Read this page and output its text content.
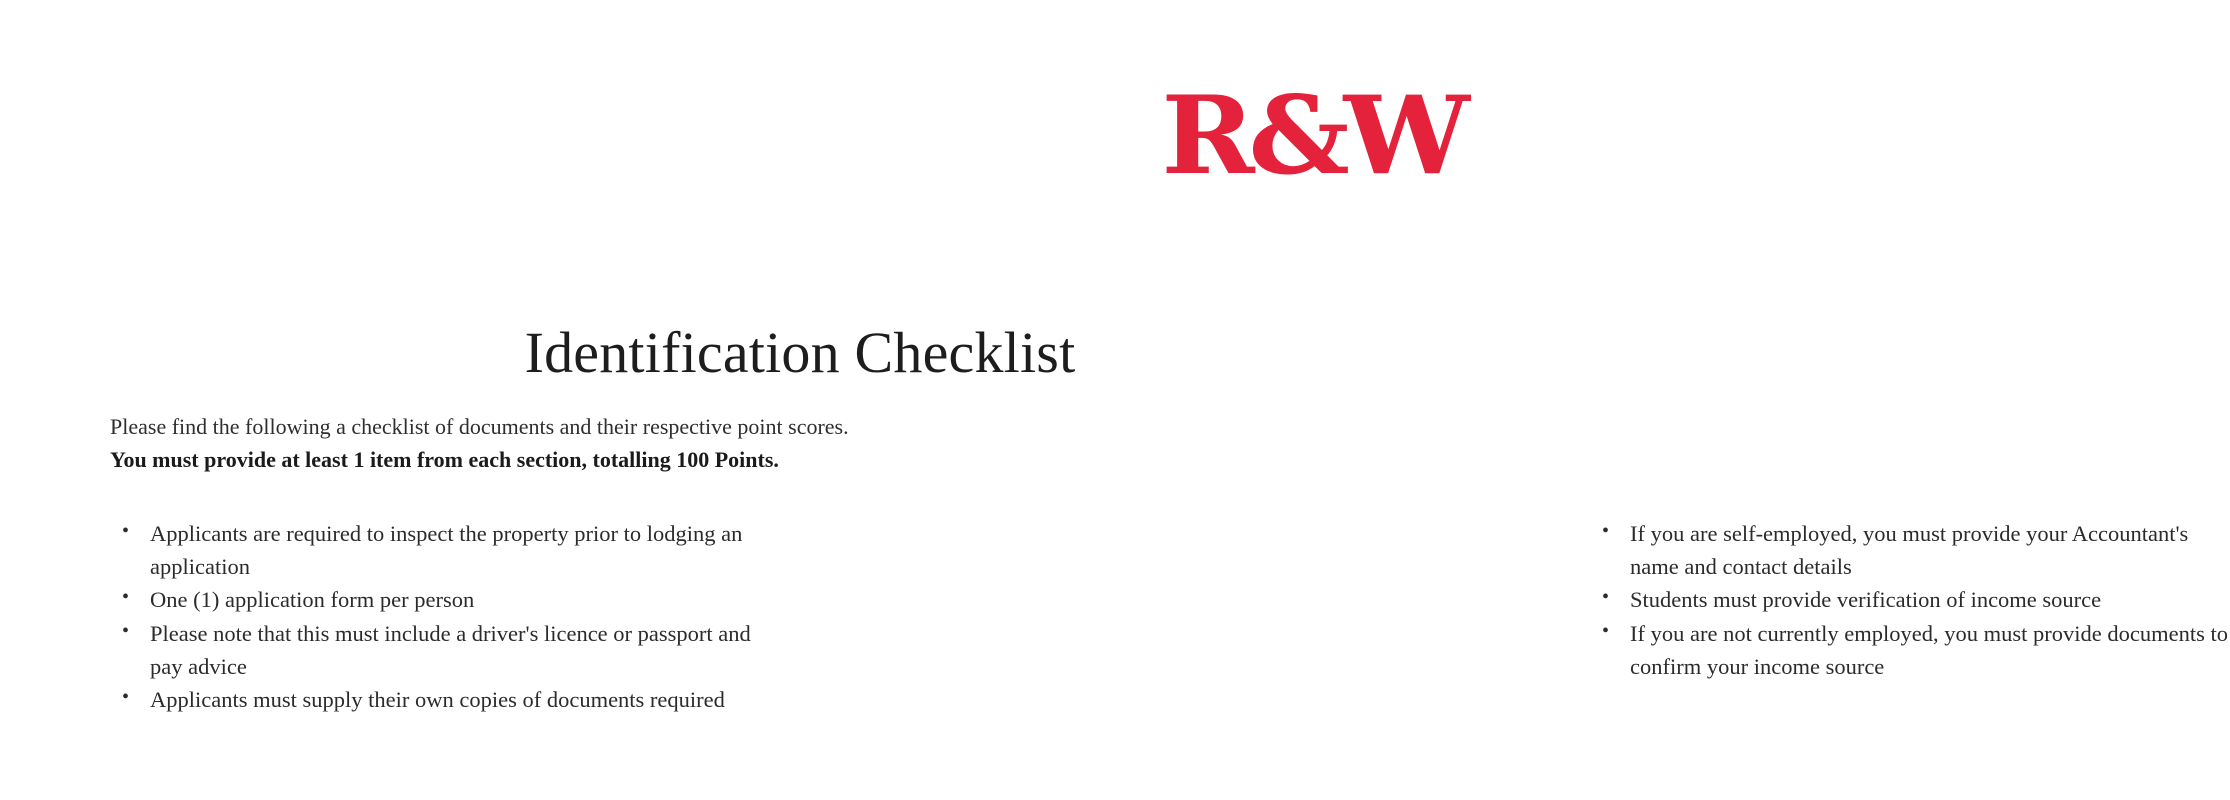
R&W
Identification Checklist
Please find the following a checklist of documents and their respective point scores.
You must provide at least 1 item from each section, totalling 100 Points.
• Applicants are required to inspect the property prior to lodging an application
• One (1) application form per person
• Please note that this must include a driver's licence or passport and pay advice
• Applicants must supply their own copies of documents required
• If you are self-employed, you must provide your Accountant's name and contact details
• Students must provide verification of income source
• If you are not currently employed, you must provide documents to confirm your income source
